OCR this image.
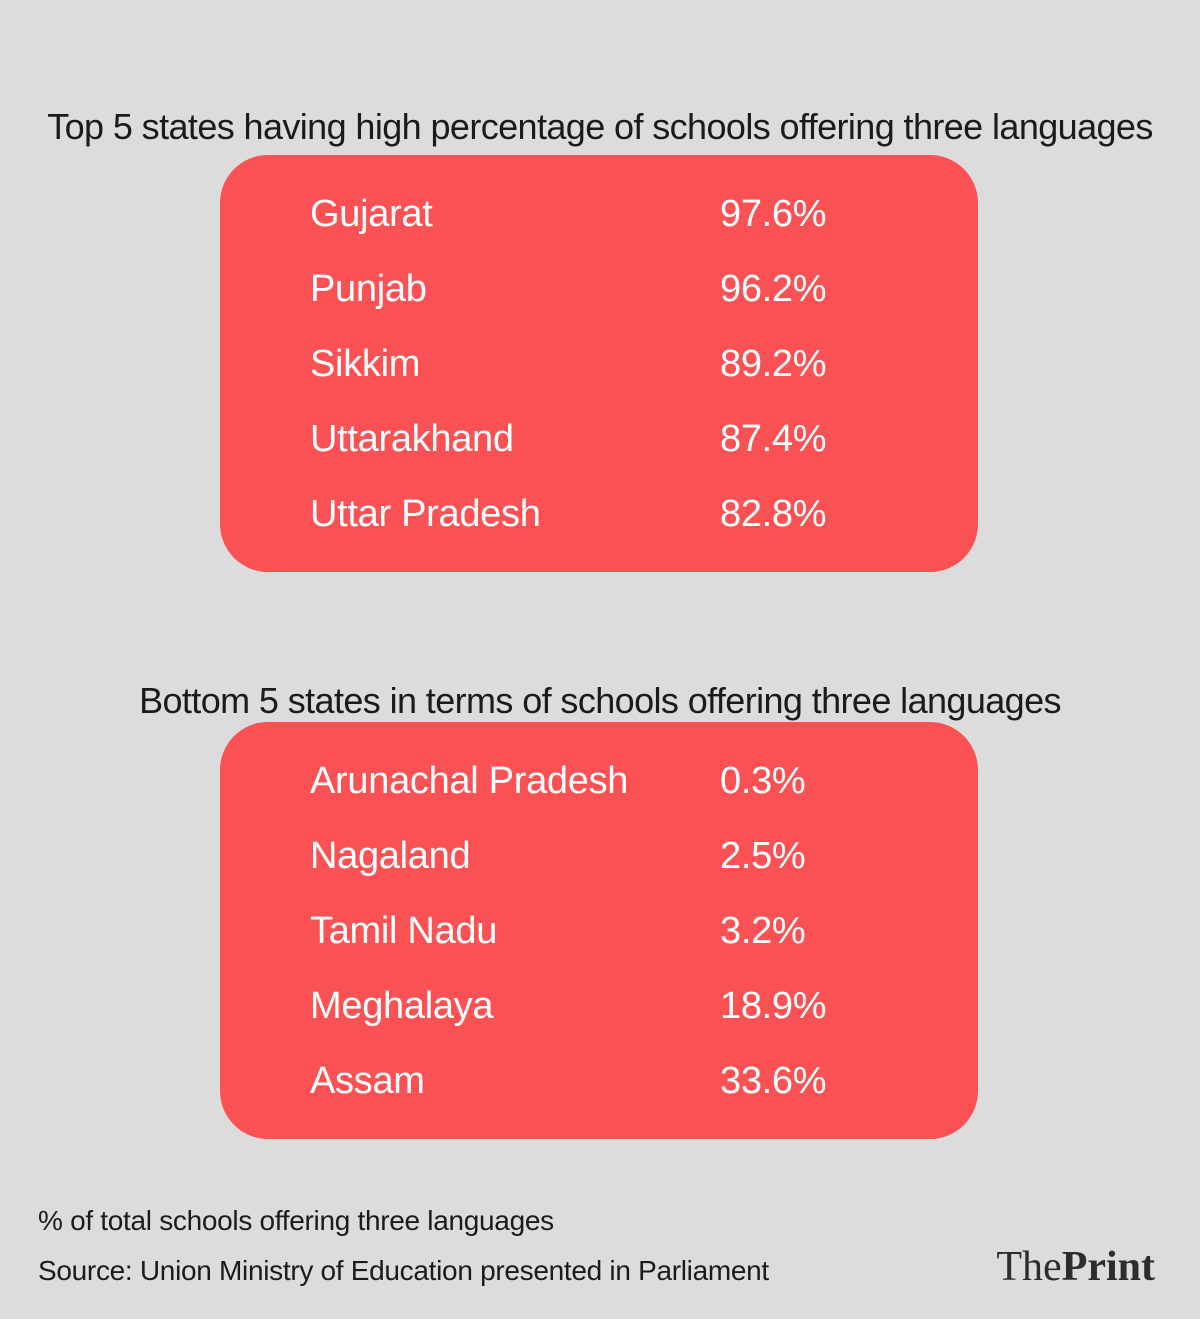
Top 5 states having high percentage of schools offering three languages
Gujarat	97.6%
Punjab	96.2%
Sikkim	89.2%
Uttarakhand	87.4%
Uttar Pradesh	82.8%
Bottom 5 states in terms of schools offering three languages
Arunachal Pradesh 0.3%
Nagaland	2.5%
Tamil Nadu	3.2%
Meghalaya	18.9%
Assam	33.6%
% of total schools offering three languages
Source: Union Ministry of Education presented in Parliament	ThePrint
